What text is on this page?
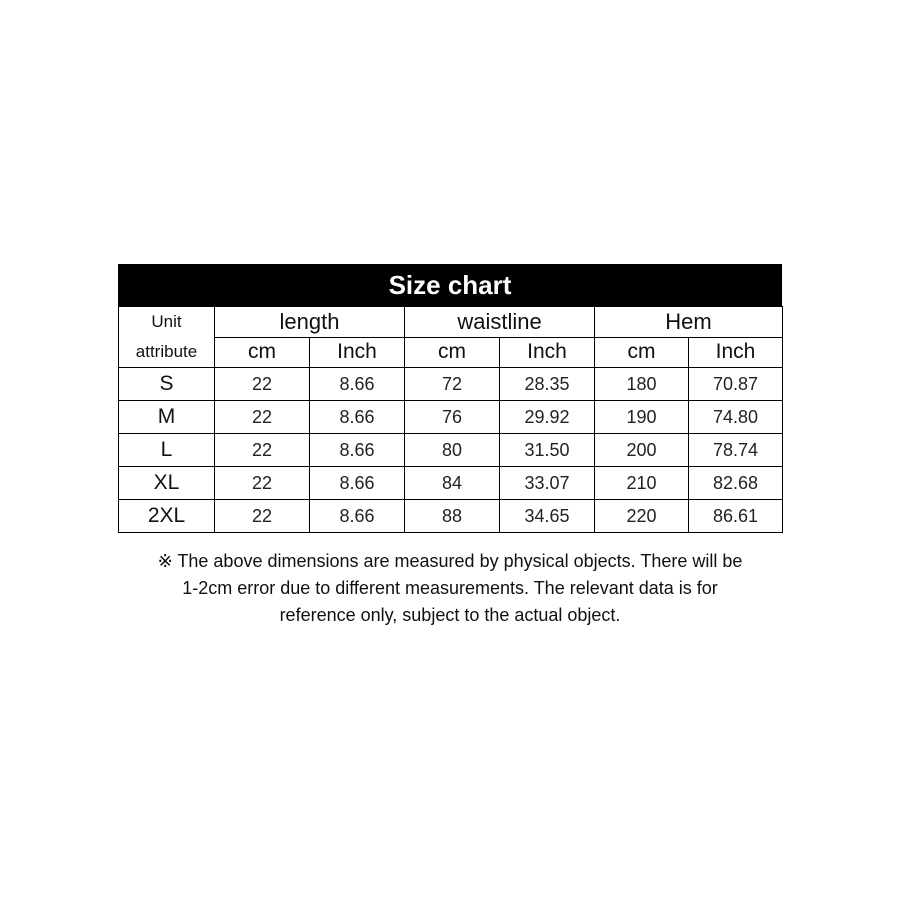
Size chart
Unit
attribute	length		waistline		Hem	
	cm	Inch	cm	Inch	cm	Inch
S	22	8.66	72	28.35	180	70.87
M	22	8.66	76	29.92	190	74.80
L	22	8.66	80	31.50	200	78.74
XL	22	8.66	84	33.07	210	82.68
2XL	22	8.66	88	34.65	220	86.61
※ The above dimensions are measured by physical objects. There will be
1-2cm error due to different measurements. The relevant data is for
reference only, subject to the actual object.
